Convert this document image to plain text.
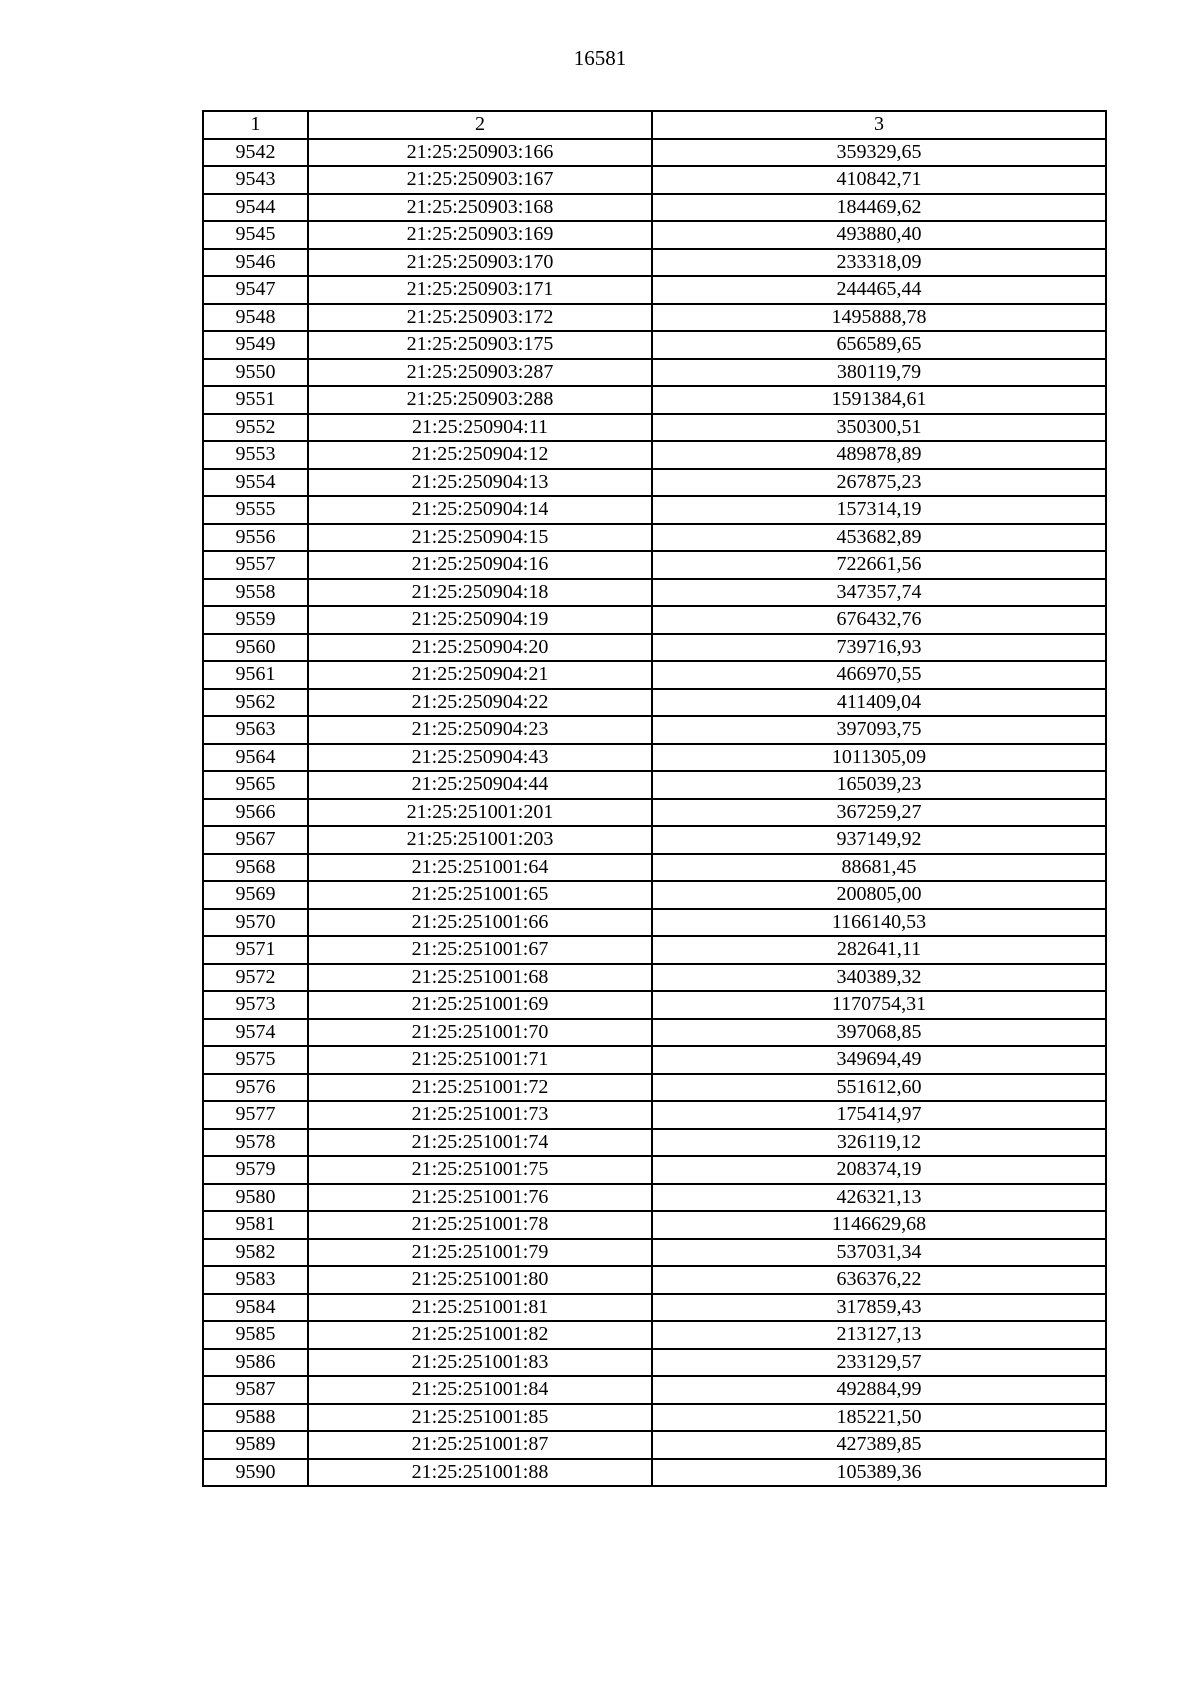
16581
1	2	3
9542	21:25:250903:166	359329,65
9543	21:25:250903:167	410842,71
9544	21:25:250903:168	184469,62
9545	21:25:250903:169	493880,40
9546	21:25:250903:170	233318,09
9547	21:25:250903:171	244465,44
9548	21:25:250903:172	1495888,78
9549	21:25:250903:175	656589,65
9550	21:25:250903:287	380119,79
9551	21:25:250903:288	1591384,61
9552	21:25:250904:11	350300,51
9553	21:25:250904:12	489878,89
9554	21:25:250904:13	267875,23
9555	21:25:250904:14	157314,19
9556	21:25:250904:15	453682,89
9557	21:25:250904:16	722661,56
9558	21:25:250904:18	347357,74
9559	21:25:250904:19	676432,76
9560	21:25:250904:20	739716,93
9561	21:25:250904:21	466970,55
9562	21:25:250904:22	411409,04
9563	21:25:250904:23	397093,75
9564	21:25:250904:43	1011305,09
9565	21:25:250904:44	165039,23
9566	21:25:251001:201	367259,27
9567	21:25:251001:203	937149,92
9568	21:25:251001:64	88681,45
9569	21:25:251001:65	200805,00
9570	21:25:251001:66	1166140,53
9571	21:25:251001:67	282641,11
9572	21:25:251001:68	340389,32
9573	21:25:251001:69	1170754,31
9574	21:25:251001:70	397068,85
9575	21:25:251001:71	349694,49
9576	21:25:251001:72	551612,60
9577	21:25:251001:73	175414,97
9578	21:25:251001:74	326119,12
9579	21:25:251001:75	208374,19
9580	21:25:251001:76	426321,13
9581	21:25:251001:78	1146629,68
9582	21:25:251001:79	537031,34
9583	21:25:251001:80	636376,22
9584	21:25:251001:81	317859,43
9585	21:25:251001:82	213127,13
9586	21:25:251001:83	233129,57
9587	21:25:251001:84	492884,99
9588	21:25:251001:85	185221,50
9589	21:25:251001:87	427389,85
9590	21:25:251001:88	105389,36
